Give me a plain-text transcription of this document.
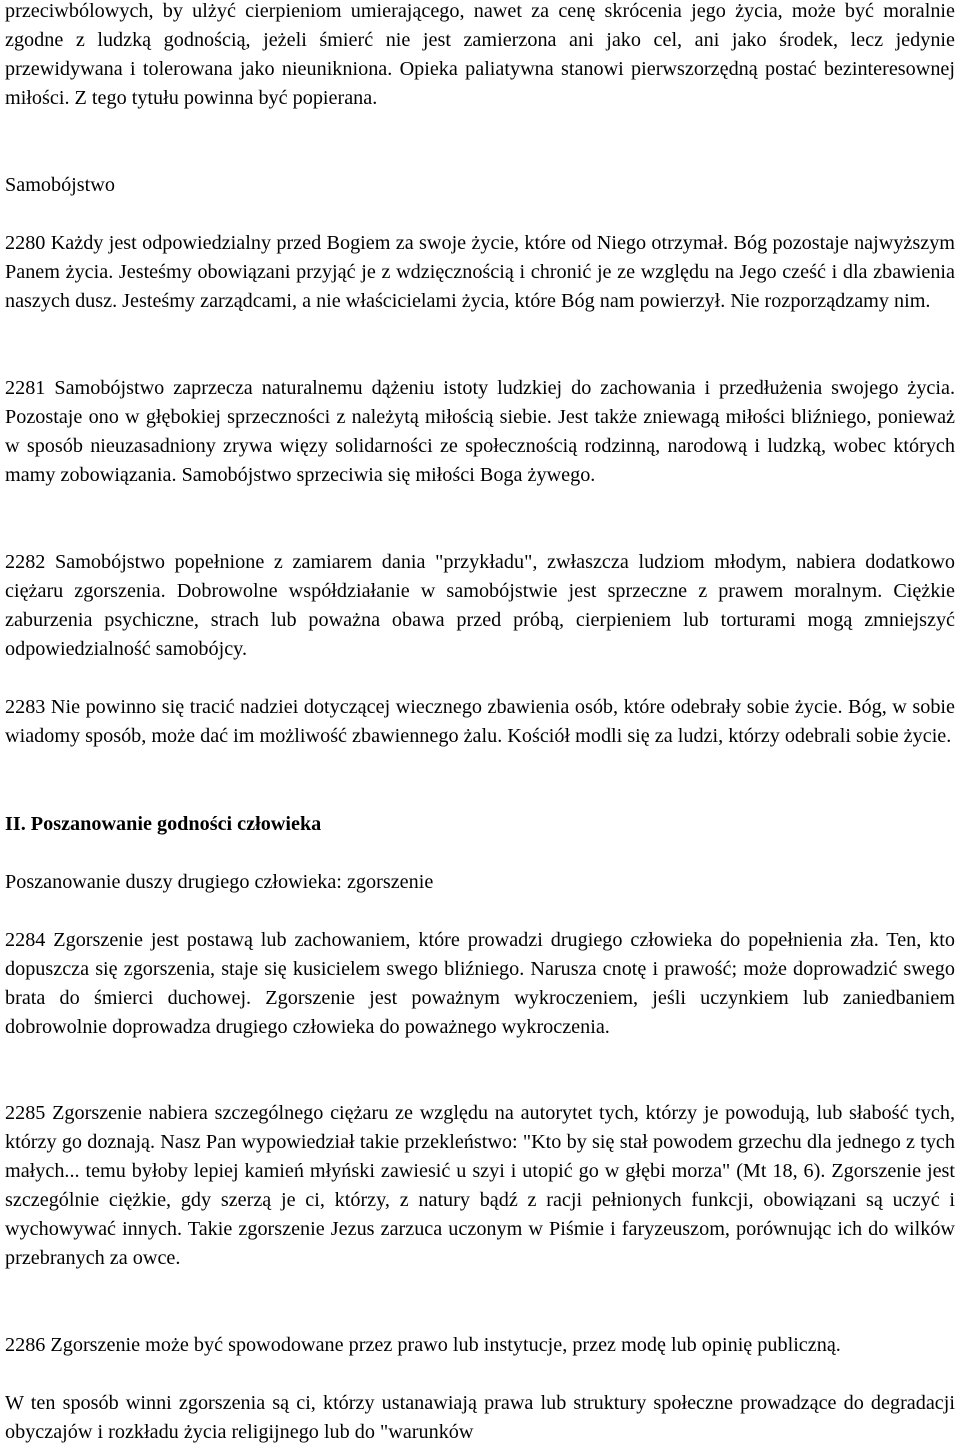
przeciwbólowych, by ulżyć cierpieniom umierającego, nawet za cenę skrócenia jego życia, może być moralnie zgodne z ludzką godnością, jeżeli śmierć nie jest zamierzona ani jako cel, ani jako środek, lecz jedynie przewidywana i tolerowana jako nieunikniona. Opieka paliatywna stanowi pierwszorzędną postać bezinteresownej miłości. Z tego tytułu powinna być popierana.

Samobójstwo

2280 Każdy jest odpowiedzialny przed Bogiem za swoje życie, które od Niego otrzymał. Bóg pozostaje najwyższym Panem życia. Jesteśmy obowiązani przyjąć je z wdzięcznością i chronić je ze względu na Jego cześć i dla zbawienia naszych dusz. Jesteśmy zarządcami, a nie właścicielami życia, które Bóg nam powierzył. Nie rozporządzamy nim.

2281 Samobójstwo zaprzecza naturalnemu dążeniu istoty ludzkiej do zachowania i przedłużenia swojego życia. Pozostaje ono w głębokiej sprzeczności z należytą miłością siebie. Jest także zniewagą miłości bliźniego, ponieważ w sposób nieuzasadniony zrywa więzy solidarności ze społecznością rodzinną, narodową i ludzką, wobec których mamy zobowiązania. Samobójstwo sprzeciwia się miłości Boga żywego.

2282 Samobójstwo popełnione z zamiarem dania "przykładu", zwłaszcza ludziom młodym, nabiera dodatkowo ciężaru zgorszenia. Dobrowolne współdziałanie w samobójstwie jest sprzeczne z prawem moralnym. Ciężkie zaburzenia psychiczne, strach lub poważna obawa przed próbą, cierpieniem lub torturami mogą zmniejszyć odpowiedzialność samobójcy.

2283 Nie powinno się tracić nadziei dotyczącej wiecznego zbawienia osób, które odebrały sobie życie. Bóg, w sobie wiadomy sposób, może dać im możliwość zbawiennego żalu. Kościół modli się za ludzi, którzy odebrali sobie życie.

II. Poszanowanie godności człowieka

Poszanowanie duszy drugiego człowieka: zgorszenie

2284 Zgorszenie jest postawą lub zachowaniem, które prowadzi drugiego człowieka do popełnienia zła. Ten, kto dopuszcza się zgorszenia, staje się kusicielem swego bliźniego. Narusza cnotę i prawość; może doprowadzić swego brata do śmierci duchowej. Zgorszenie jest poważnym wykroczeniem, jeśli uczynkiem lub zaniedbaniem dobrowolnie doprowadza drugiego człowieka do poważnego wykroczenia.

2285 Zgorszenie nabiera szczególnego ciężaru ze względu na autorytet tych, którzy je powodują, lub słabość tych, którzy go doznają. Nasz Pan wypowiedział takie przekleństwo: "Kto by się stał powodem grzechu dla jednego z tych małych... temu byłoby lepiej kamień młyński zawiesić u szyi i utopić go w głębi morza" (Mt 18, 6). Zgorszenie jest szczególnie ciężkie, gdy szerzą je ci, którzy, z natury bądź z racji pełnionych funkcji, obowiązani są uczyć i wychowywać innych. Takie zgorszenie Jezus zarzuca uczonym w Piśmie i faryzeuszom, porównując ich do wilków przebranych za owce.

2286 Zgorszenie może być spowodowane przez prawo lub instytucje, przez modę lub opinię publiczną.

W ten sposób winni zgorszenia są ci, którzy ustanawiają prawa lub struktury społeczne prowadzące do degradacji obyczajów i rozkładu życia religijnego lub do "warunków
